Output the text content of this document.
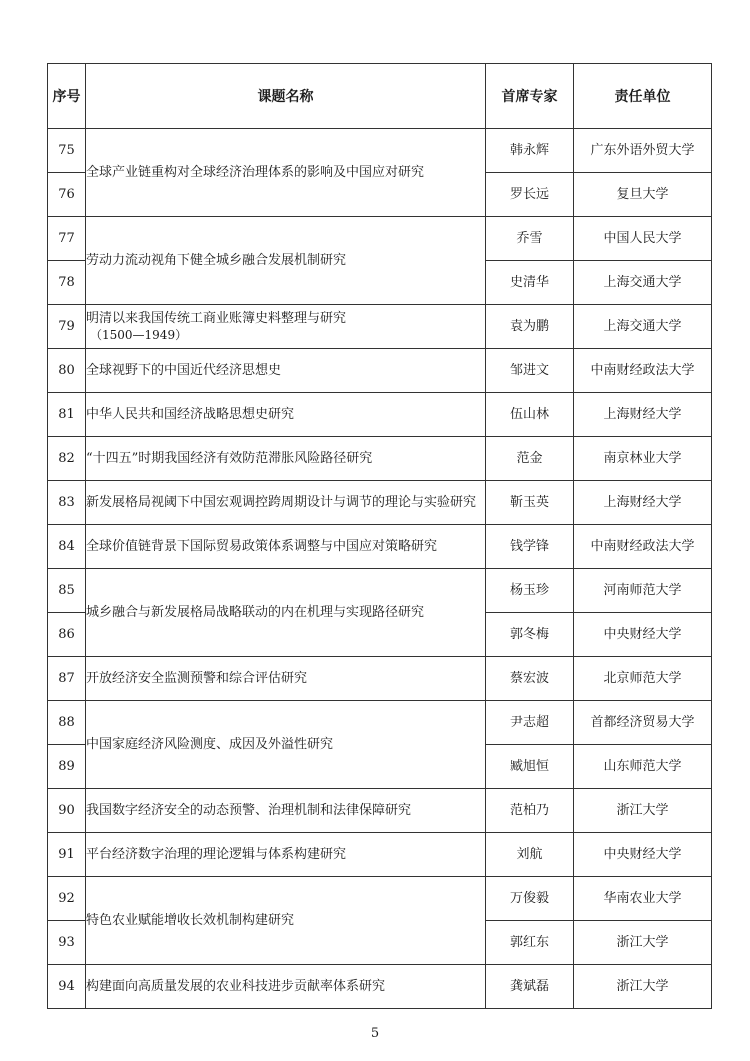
序号	课题名称	首席专家	责任单位
75	全球产业链重构对全球经济治理体系的影响及中国应对研究	韩永辉	广东外语外贸大学
76		罗长远	复旦大学
77	劳动力流动视角下健全城乡融合发展机制研究	乔雪	中国人民大学
78		史清华	上海交通大学
79	明清以来我国传统工商业账簿史料整理与研究
（1500—1949）	袁为鹏	上海交通大学
80	全球视野下的中国近代经济思想史	邹进文	中南财经政法大学
81	中华人民共和国经济战略思想史研究	伍山林	上海财经大学
82	“十四五”时期我国经济有效防范滞胀风险路径研究	范金	南京林业大学
83	新发展格局视阈下中国宏观调控跨周期设计与调节的理论与实验研究	靳玉英	上海财经大学
84	全球价值链背景下国际贸易政策体系调整与中国应对策略研究	钱学锋	中南财经政法大学
85	城乡融合与新发展格局战略联动的内在机理与实现路径研究	杨玉珍	河南师范大学
86		郭冬梅	中央财经大学
87	开放经济安全监测预警和综合评估研究	蔡宏波	北京师范大学
88	中国家庭经济风险测度、成因及外溢性研究	尹志超	首都经济贸易大学
89		臧旭恒	山东师范大学
90	我国数字经济安全的动态预警、治理机制和法律保障研究	范柏乃	浙江大学
91	平台经济数字治理的理论逻辑与体系构建研究	刘航	中央财经大学
92	特色农业赋能增收长效机制构建研究	万俊毅	华南农业大学
93		郭红东	浙江大学
94	构建面向高质量发展的农业科技进步贡献率体系研究	龚斌磊	浙江大学
5
